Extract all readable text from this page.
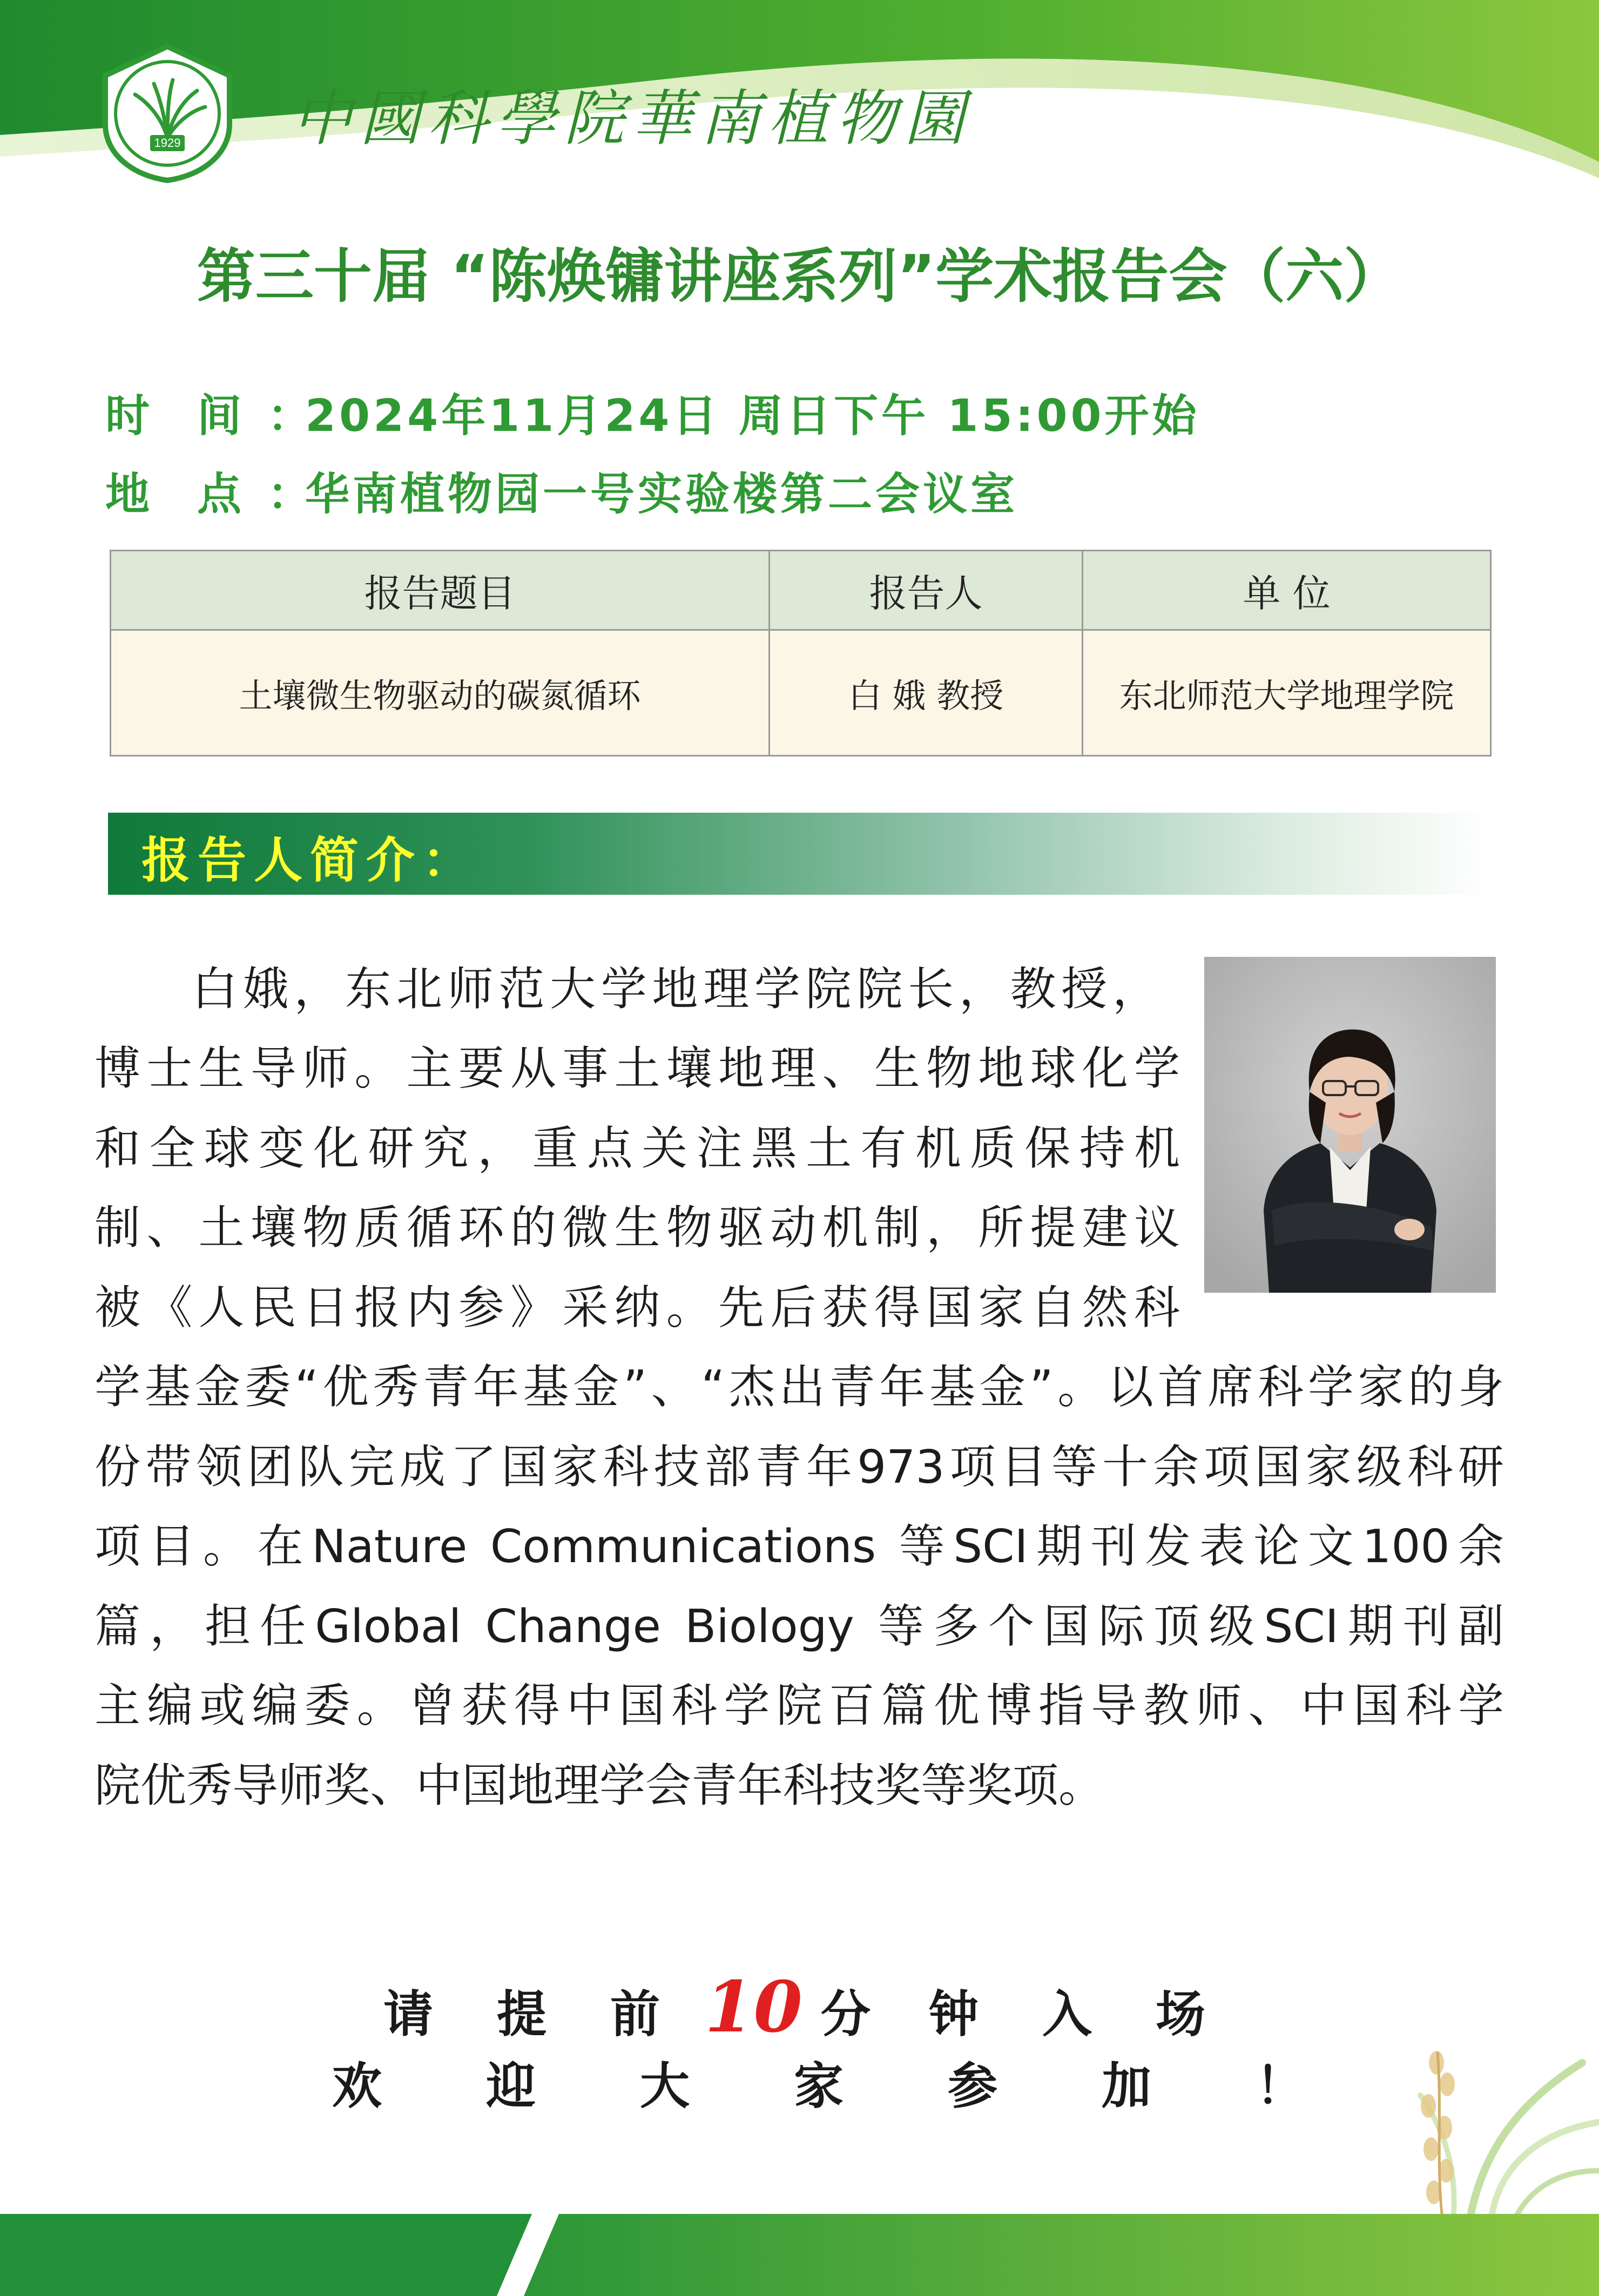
1929 中國科學院華南植物園
第三十届 “陈焕镛讲座系列”学术报告会（六）
时 间 ：2024年11月24日 周日下午 15:00开始
地 点 ：华南植物园一号实验楼第二会议室
报告题目	报告人	单 位
土壤微生物驱动的碳氮循环	白 娥 教授	东北师范大学地理学院
报告人简介：
白娥，东北师范大学地理学院院长，教授，
博士生导师。主要从事土壤地理、生物地球化学
和全球变化研究，重点关注黑土有机质保持机
制、土壤物质循环的微生物驱动机制，所提建议
被《人民日报内参》采纳。先后获得国家自然科
学基金委“优秀青年基金”、“杰出青年基金”。以首席科学家的身
份带领团队完成了国家科技部青年973项目等十余项国家级科研
项目。在Nature Communications 等SCI期刊发表论文100余
篇，担任Global Change Biology 等多个国际顶级SCI期刊副
主编或编委。曾获得中国科学院百篇优博指导教师、中国科学
院优秀导师奖、中国地理学会青年科技奖等奖项。
请 提 前 10 分 钟 入 场
欢 迎 大 家 参 加 ！
